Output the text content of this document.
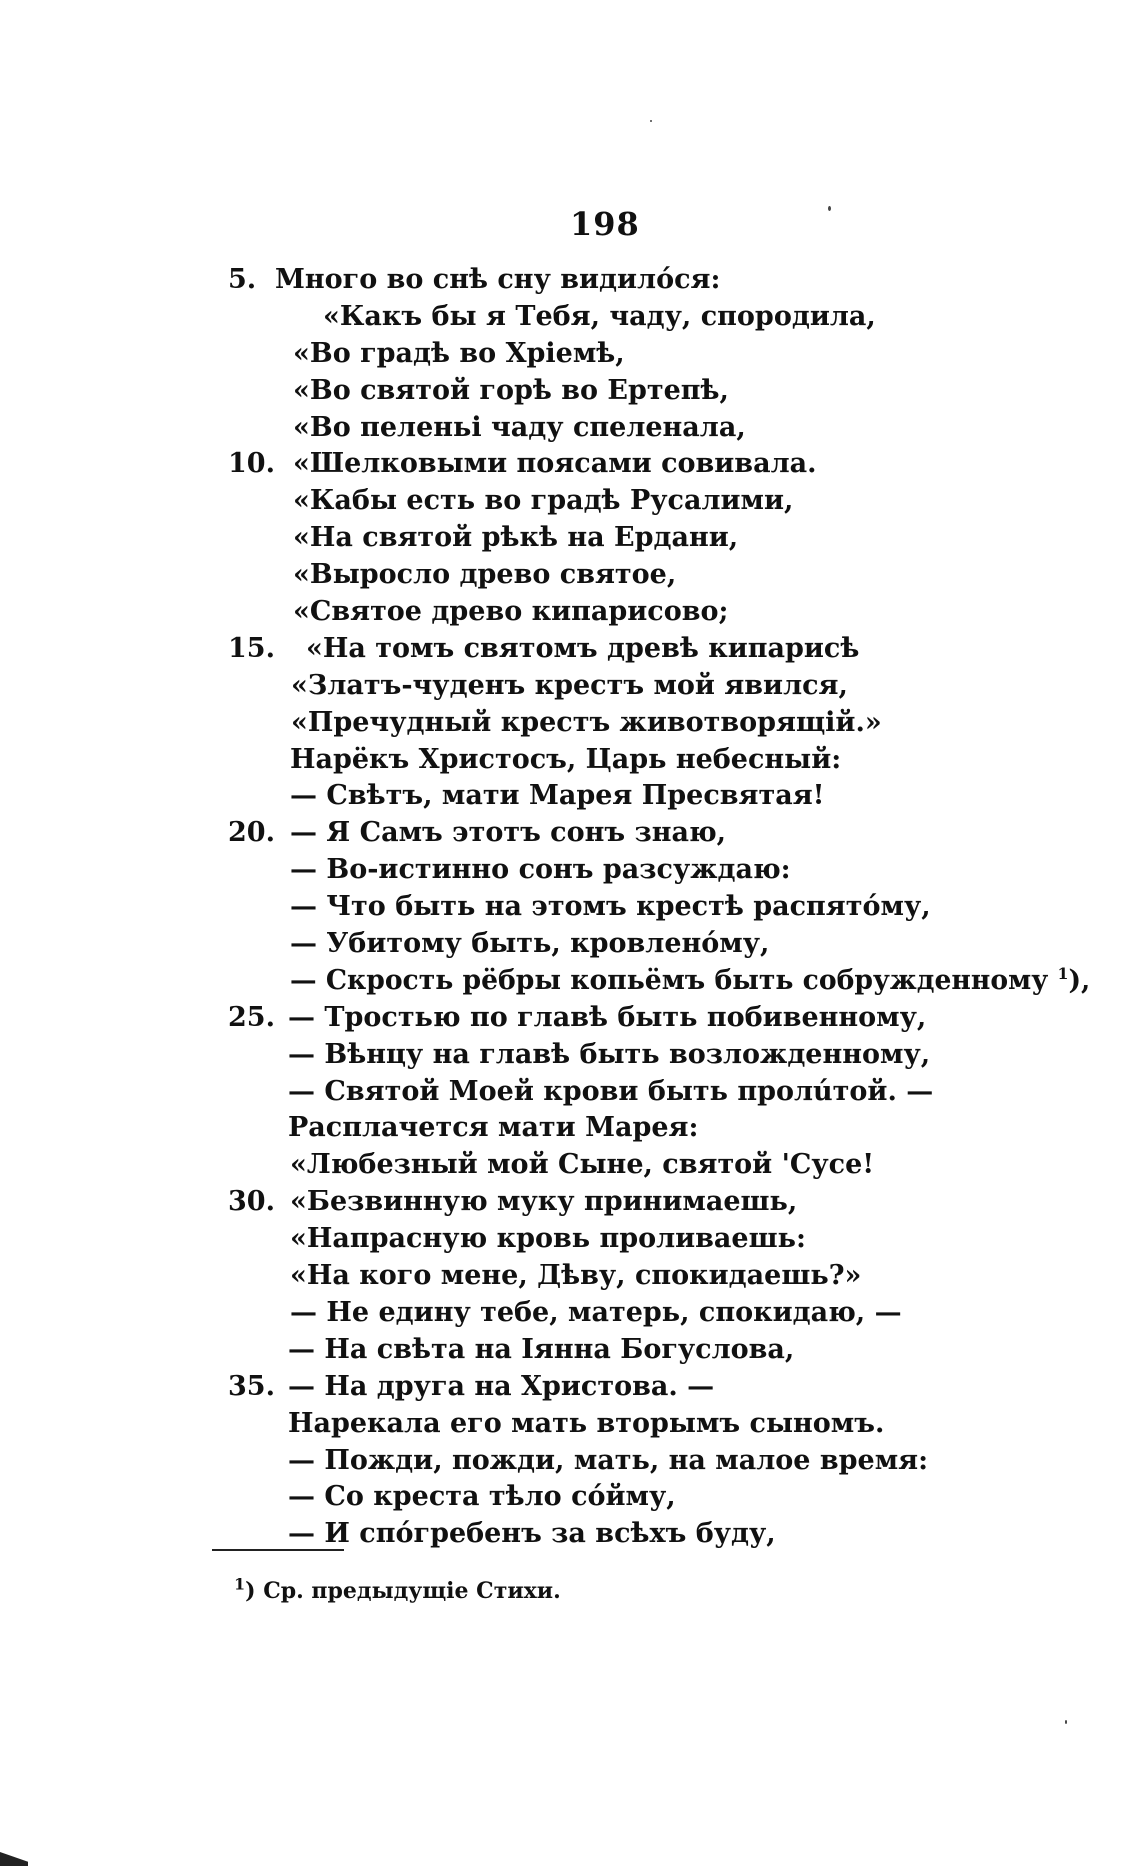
198
5. Много во снѣ сну видилóся:
«Какъ бы я Тебя, чаду, спородила,
«Во градѣ во Хріемѣ,
«Во святой горѣ во Ертепѣ,
«Во пеленьі чаду спеленала,
10. «Шелковыми поясами совивала.
«Кабы есть во градѣ Русалими,
«На святой рѣкѣ на Ердани,
«Выросло древо святое,
«Святое древо кипарисово;
15.	«На томъ святомъ древѣ кипарисѣ
«Златъ-чуденъ крестъ мой явился,
«Пречудный крестъ животворящій.»
Нарёкъ Христосъ, Царь небесный:
— Свѣтъ, мати Марея Пресвятая!
20. — Я Самъ этотъ сонъ знаю,
— Во-истинно сонъ разсуждаю:
— Что быть на этомъ крестѣ распятóму,
— Убитому быть, кровленóму,
— Скрость рёбры копьёмъ быть собружденному $^1$),
25. — Тростью по главѣ быть побивенному,
— Вѣнцу на главѣ быть возложденному,
— Святой Моей крови быть пролúтой. —
Расплачется мати Марея:
«Любезный мой Сыне, святой 'Сусе!
30. «Безвинную муку принимаешь,
«Напрасную кровь проливаешь:
«На кого мене, Дѣву, спокидаешь?»
— Не едину тебе, матерь, спокидаю, —
— На свѣта на Іянна Богуслова,
35. — На друга на Христова. —
Нарекала его мать вторымъ сыномъ.
— Пожди, пожди, мать, на малое время:
— Со креста тѣло сóйму,
— И спóгребенъ за всѣхъ буду,
$^1$) Ср. предыдущіе Стихи.
